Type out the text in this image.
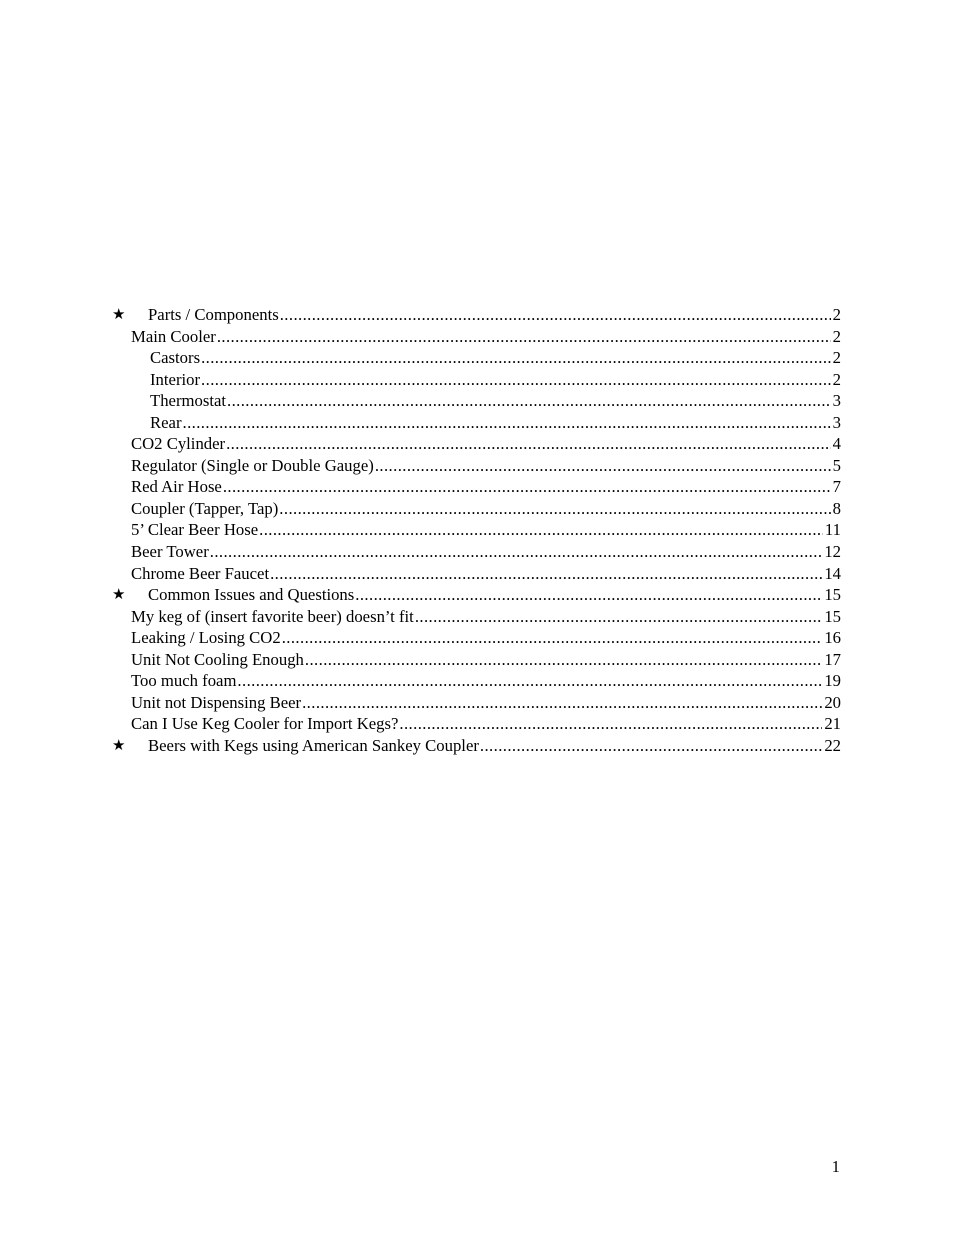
★ Parts / Components .....	2
Main Cooler .....	2
Castors .....	2
Interior .....	2
Thermostat .....	3
Rear .....	3
CO2 Cylinder .....	4
Regulator (Single or Double Gauge) .....	5
Red Air Hose .....	7
Coupler (Tapper, Tap) .....	8
5’ Clear Beer Hose .....	11
Beer Tower .....	12
Chrome Beer Faucet .....	14
★ Common Issues and Questions .....	15
My keg of (insert favorite beer) doesn’t fit .....	15
Leaking / Losing CO2 .....	16
Unit Not Cooling Enough .....	17
Too much foam .....	19
Unit not Dispensing Beer .....	20
Can I Use Keg Cooler for Import Kegs? .....	21
★ Beers with Kegs using American Sankey Coupler .....	22
1
